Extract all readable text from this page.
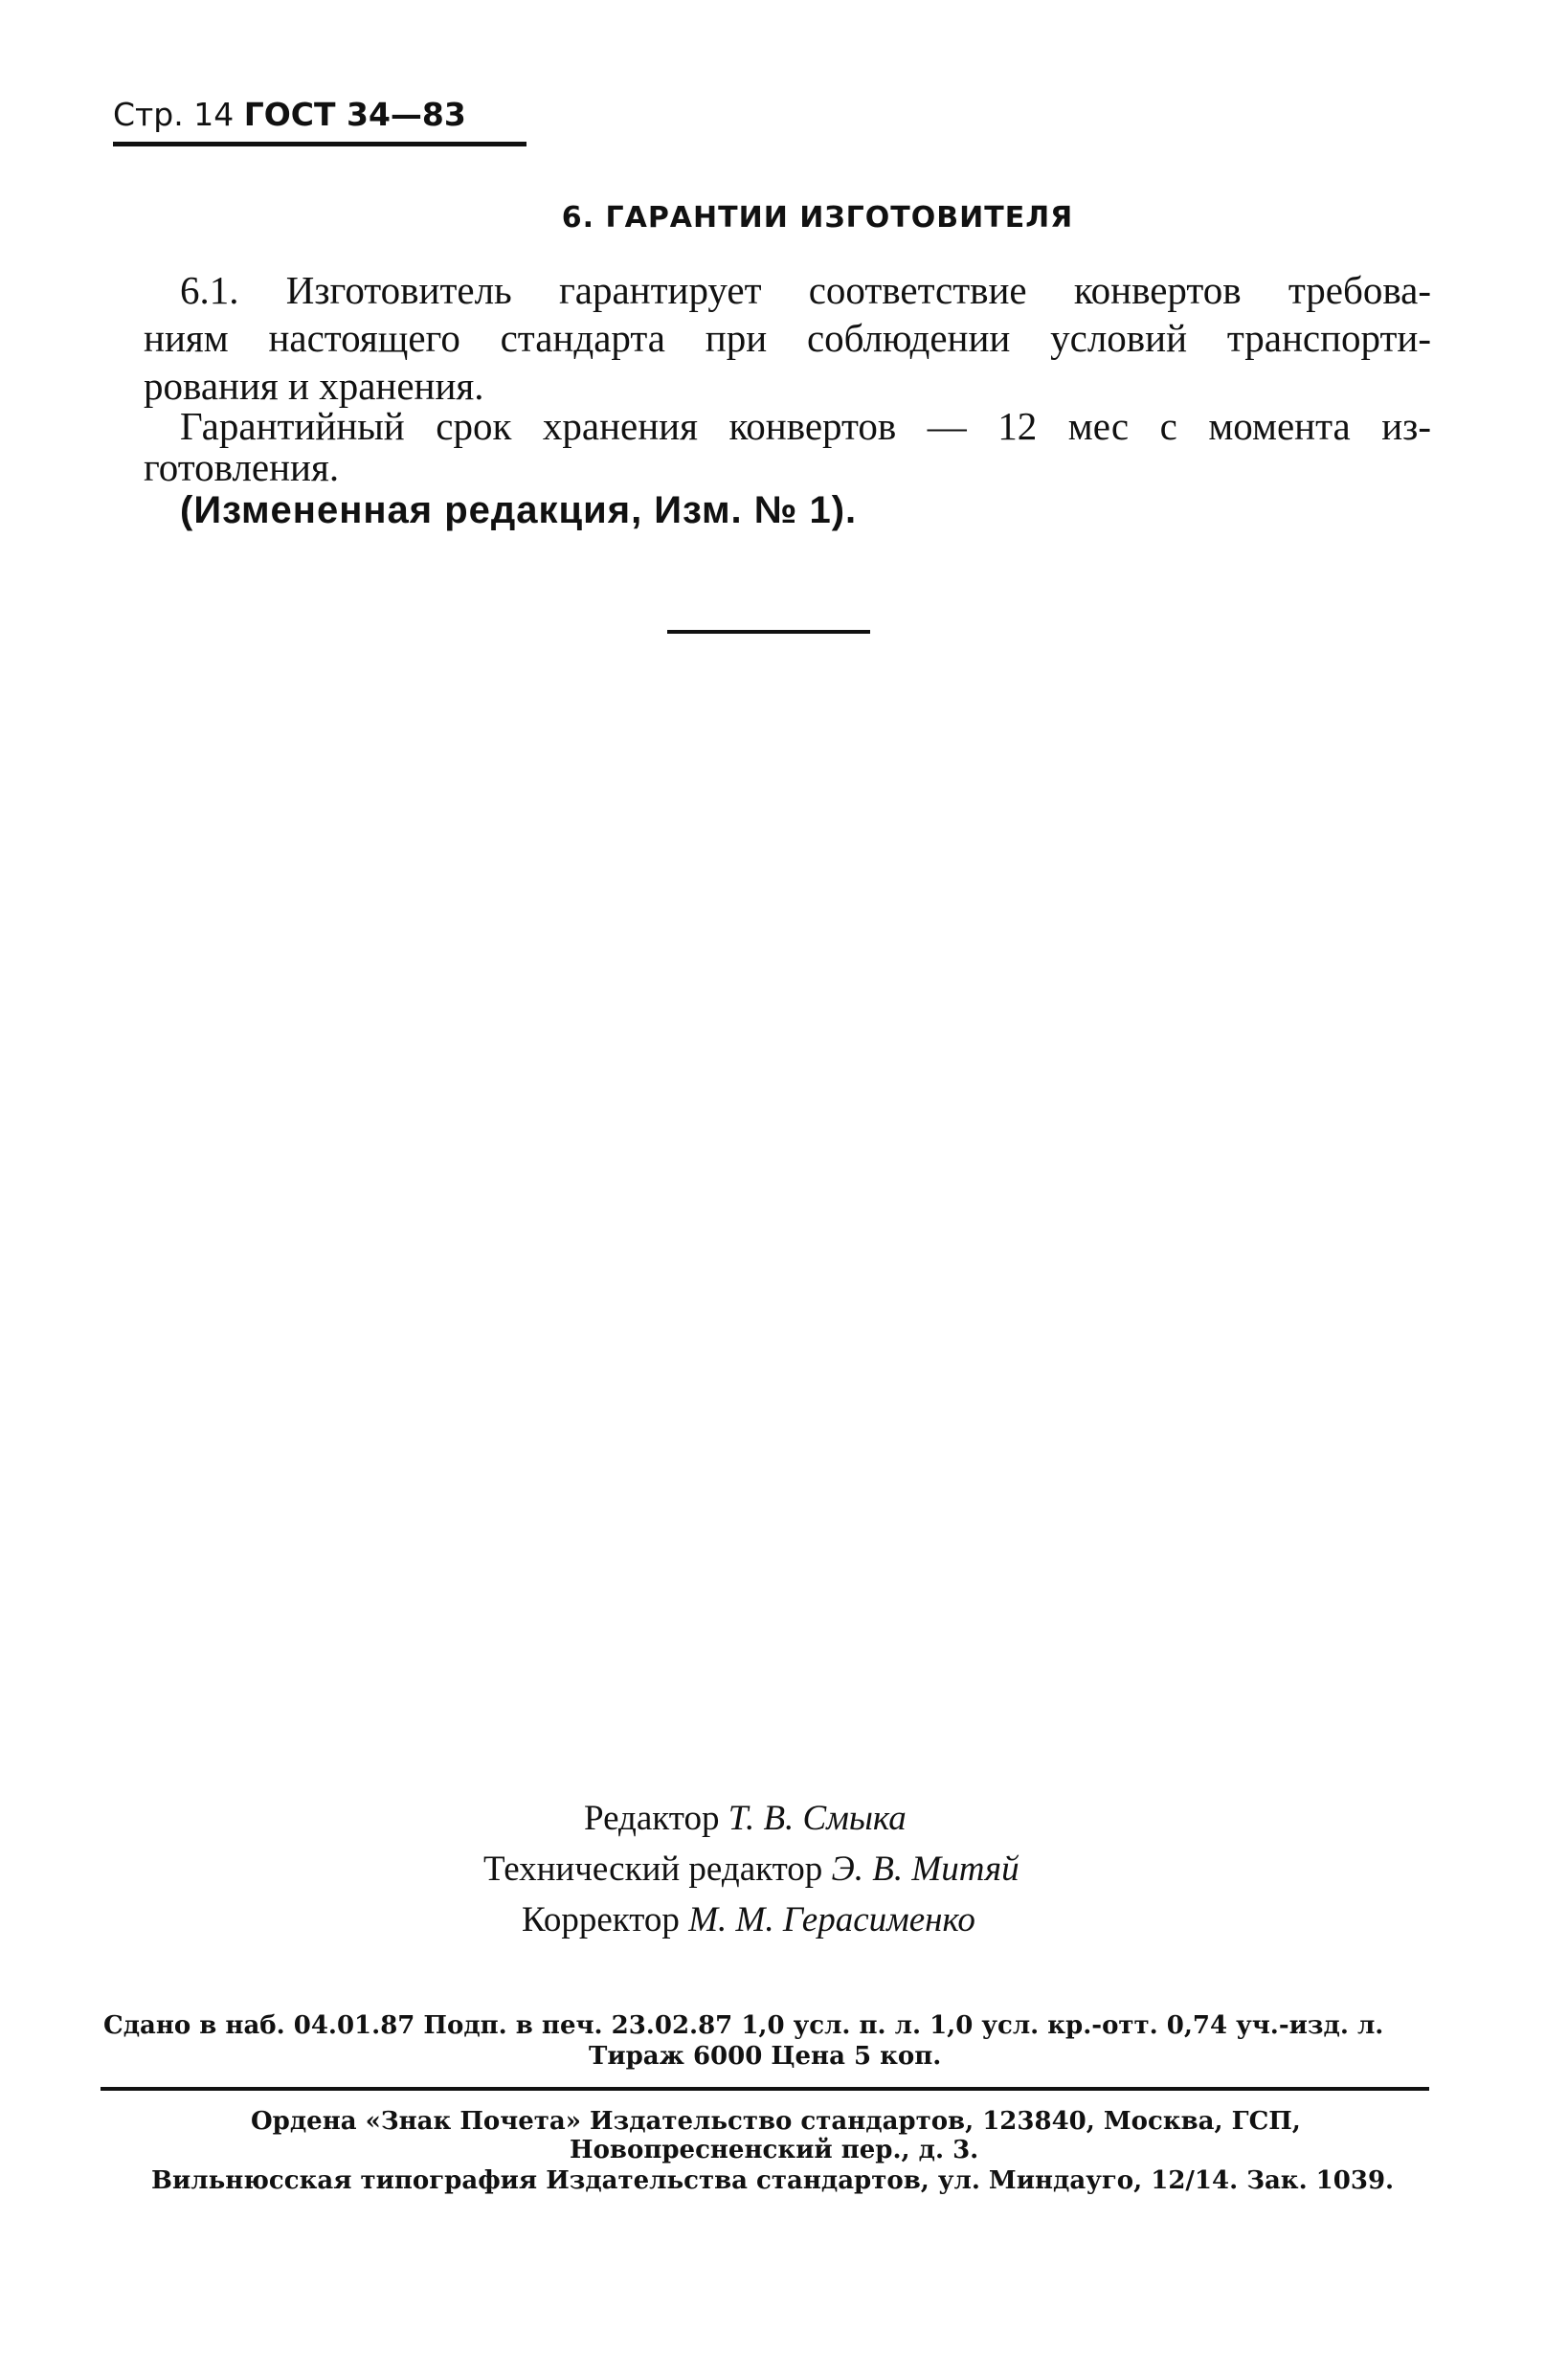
Стр. 14 ГОСТ 34—83
6. ГАРАНТИИ ИЗГОТОВИТЕЛЯ
6.1. Изготовитель гарантирует соответствие конвертов требова-
ниям настоящего стандарта при соблюдении условий транспорти-
рования и хранения.
Гарантийный срок хранения конвертов — 12 мес с момента из-
готовления.
(Измененная редакция, Изм. № 1).
Редактор Т. В. Смыка
Технический редактор Э. В. Митяй
Корректор М. М. Герасименко
Сдано в наб. 04.01.87 Подп. в печ. 23.02.87 1,0 усл. п. л. 1,0 усл. кр.-отт. 0,74 уч.-изд. л.
Тираж 6000 Цена 5 коп.
Ордена «Знак Почета» Издательство стандартов, 123840, Москва, ГСП,
Новопресненский пер., д. 3.
Вильнюсская типография Издательства стандартов, ул. Миндауго, 12/14. Зак. 1039.
